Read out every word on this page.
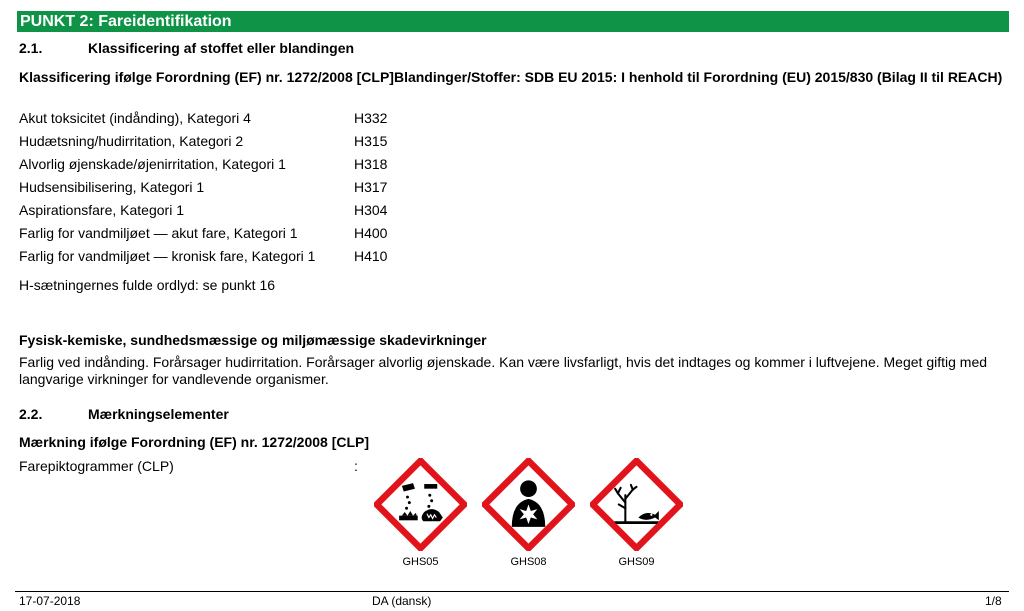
PUNKT 2: Fareidentifikation
2.1.	Klassificering af stoffet eller blandingen
Klassificering ifølge Forordning (EF) nr. 1272/2008 [CLP]Blandinger/Stoffer: SDB EU 2015: I henhold til Forordning (EU) 2015/830 (Bilag II til REACH)
Akut toksicitet (indånding), Kategori 4	H332
Hudætsning/hudirritation, Kategori 2	H315
Alvorlig øjenskade/øjenirritation, Kategori 1	H318
Hudsensibilisering, Kategori 1	H317
Aspirationsfare, Kategori 1	H304
Farlig for vandmiljøet — akut fare, Kategori 1	H400
Farlig for vandmiljøet — kronisk fare, Kategori 1	H410
H-sætningernes fulde ordlyd: se punkt 16
Fysisk-kemiske, sundhedsmæssige og miljømæssige skadevirkninger
Farlig ved indånding. Forårsager hudirritation. Forårsager alvorlig øjenskade. Kan være livsfarligt, hvis det indtages og kommer i luftvejene. Meget giftig med langvarige virkninger for vandlevende organismer.
2.2.	Mærkningselementer
Mærkning ifølge Forordning (EF) nr. 1272/2008 [CLP]
Farepiktogrammer (CLP)	:
GHS05	GHS08	GHS09
17-07-2018	DA (dansk)	1/8
